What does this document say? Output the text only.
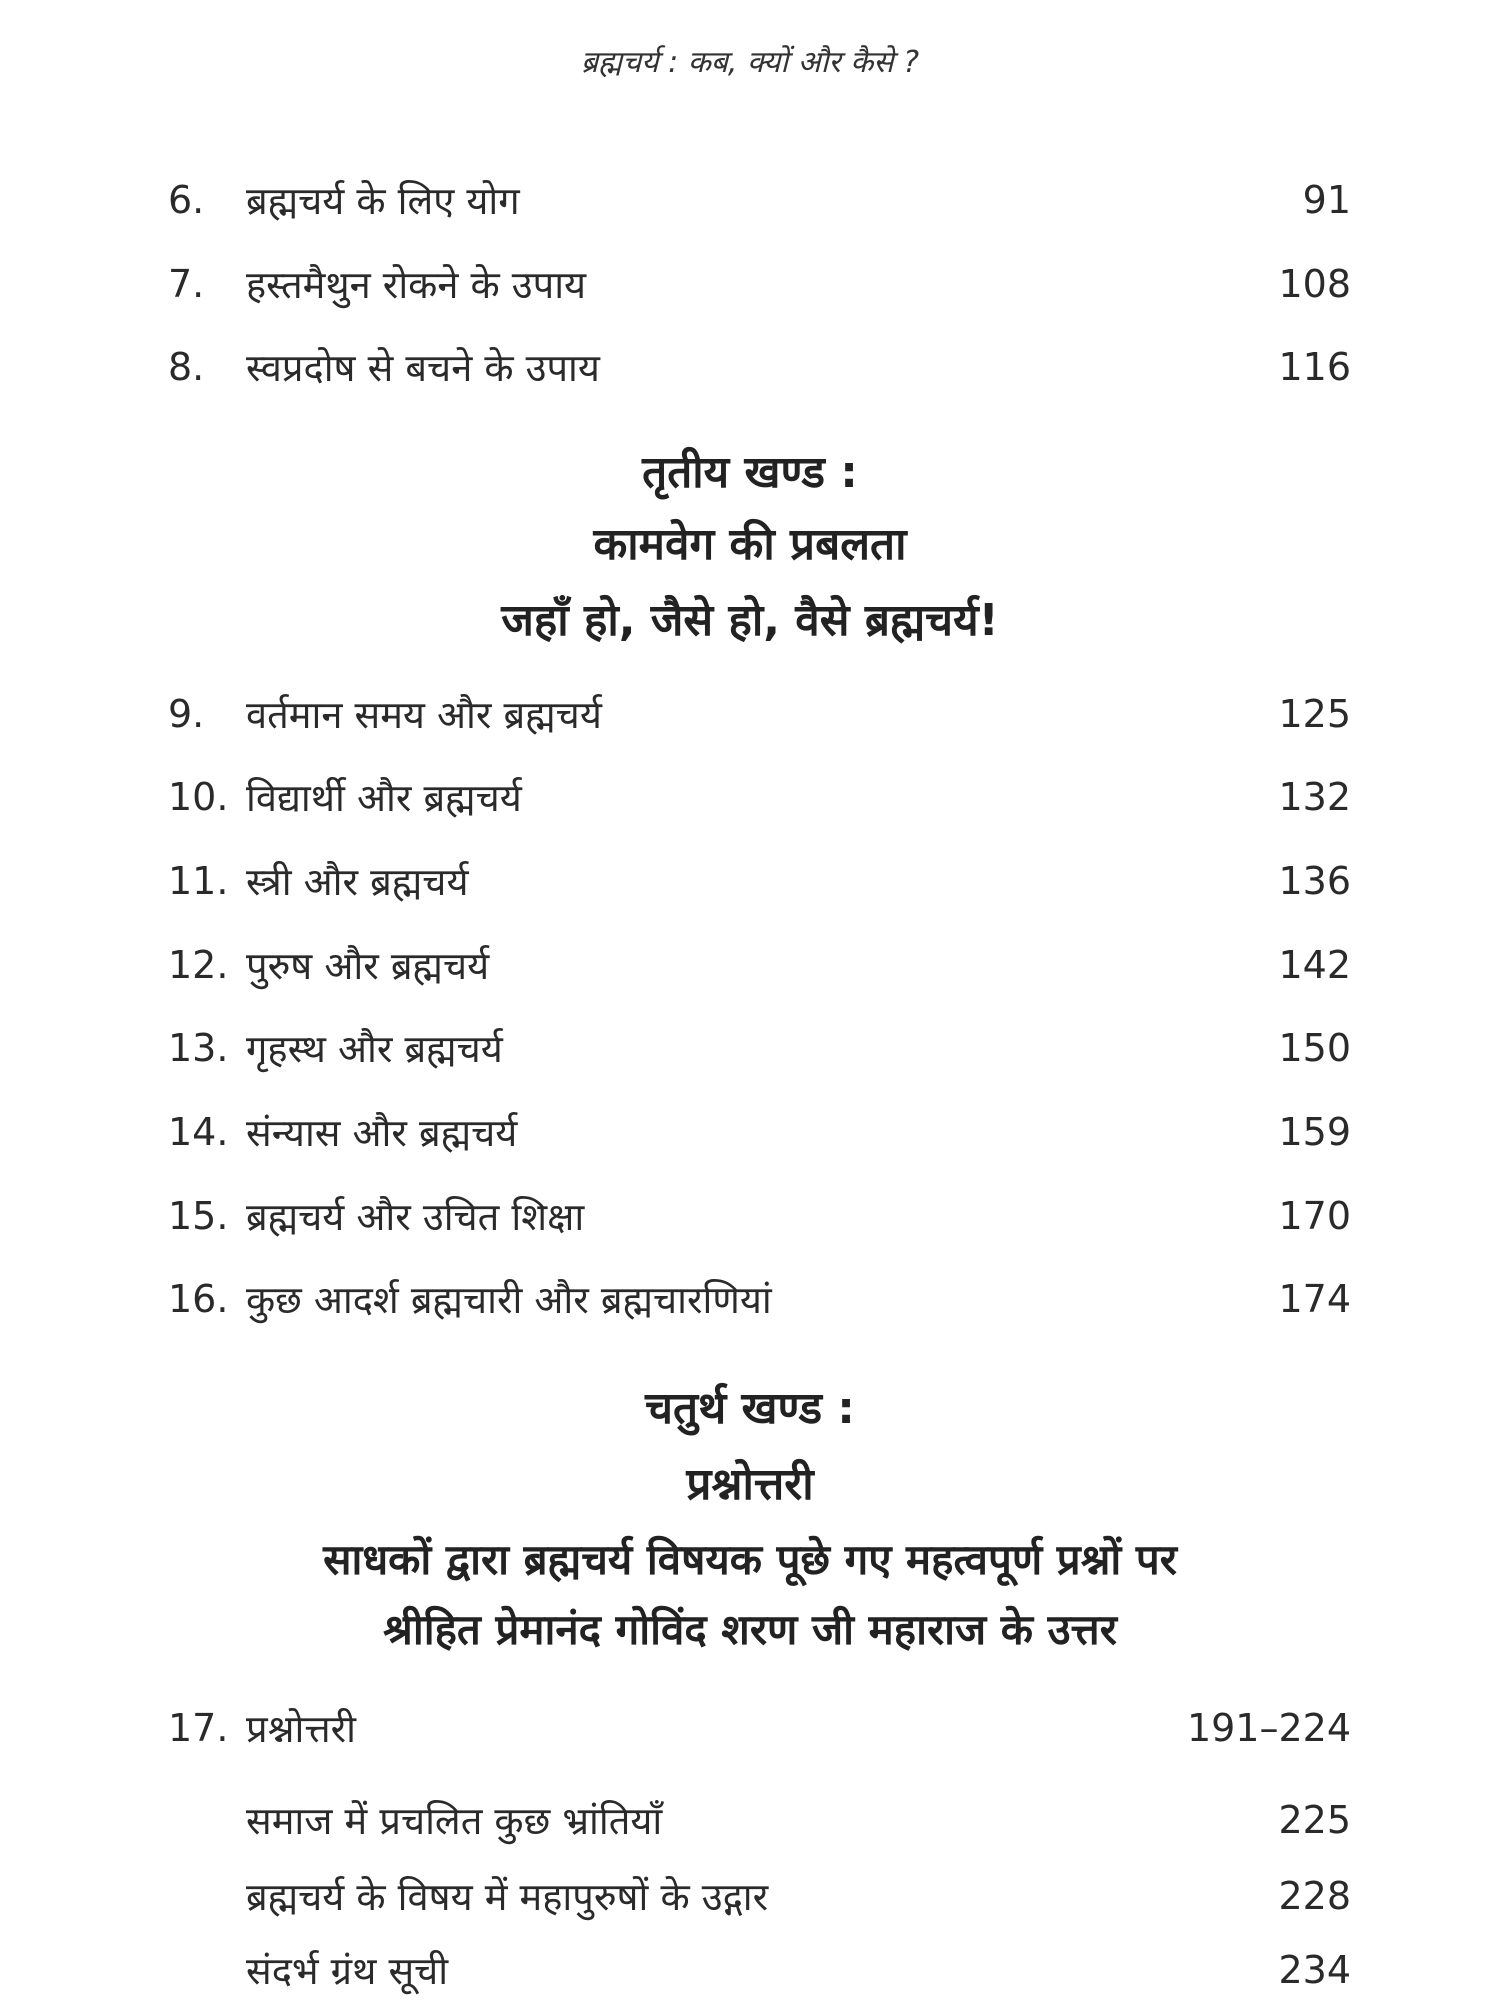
ब्रह्मचर्य : कब, क्यों और कैसे ?
6.	ब्रह्मचर्य के लिए योग	91
7.	हस्तमैथुन रोकने के उपाय	108
8.	स्वप्रदोष से बचने के उपाय	116
तृतीय खण्ड :
कामवेग की प्रबलता
जहाँ हो, जैसे हो, वैसे ब्रह्मचर्य!
9.	वर्तमान समय और ब्रह्मचर्य	125
10. विद्यार्थी और ब्रह्मचर्य	132
11. स्त्री और ब्रह्मचर्य	136
12. पुरुष और ब्रह्मचर्य	142
13. गृहस्थ और ब्रह्मचर्य	150
14. संन्यास और ब्रह्मचर्य	159
15. ब्रह्मचर्य और उचित शिक्षा	170
16. कुछ आदर्श ब्रह्मचारी और ब्रह्मचारणियां	174
चतुर्थ खण्ड :
प्रश्नोत्तरी
साधकों द्वारा ब्रह्मचर्य विषयक पूछे गए महत्वपूर्ण प्रश्नों पर
श्रीहित प्रेमानंद गोविंद शरण जी महाराज के उत्तर
17. प्रश्नोत्तरी	191–224
समाज में प्रचलित कुछ भ्रांतियाँ	225
ब्रह्मचर्य के विषय में महापुरुषों के उद्गार	228
संदर्भ ग्रंथ सूची	234
